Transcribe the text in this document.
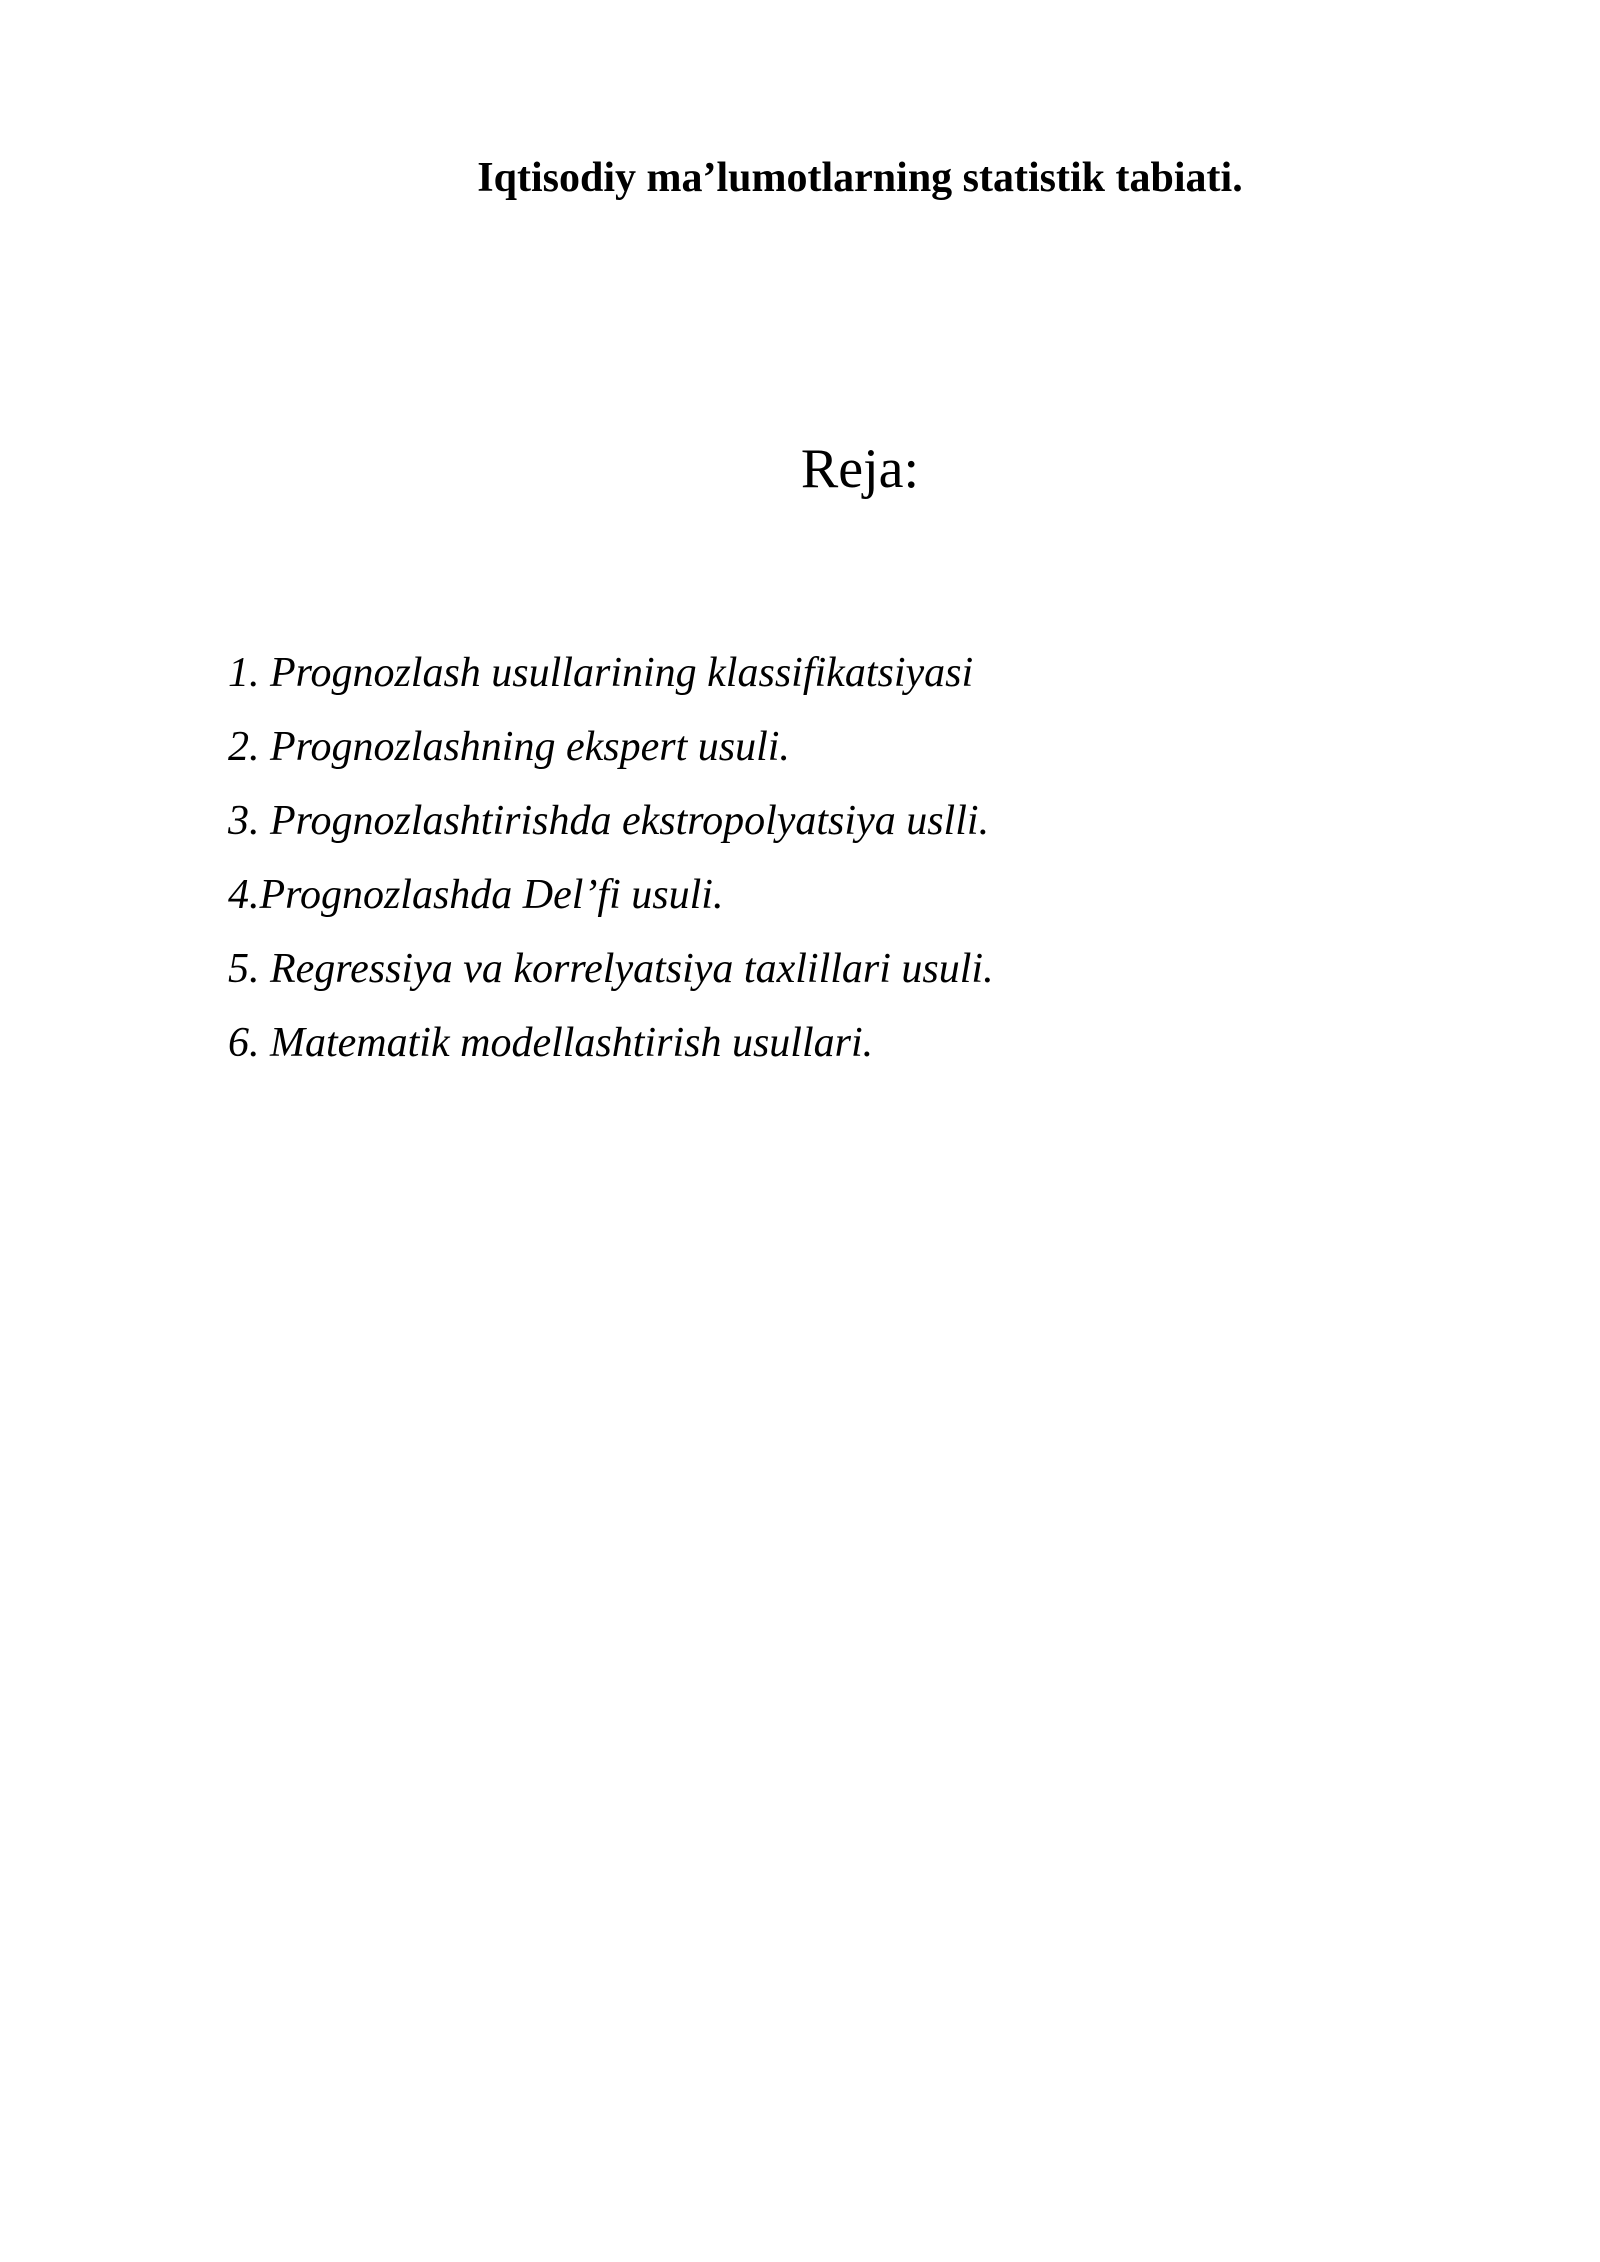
Iqtisodiy ma’lumotlarning statistik tabiati.
Reja:
1. Prognozlash usullarining klassifikatsiyasi
2. Prognozlashning ekspert usuli.
3. Prognozlashtirishda ekstropolyatsiya uslli.
4.Prognozlashda Del’fi usuli.
5. Regressiya va korrelyatsiya taxlillari usuli.
6. Matematik modellashtirish usullari.
